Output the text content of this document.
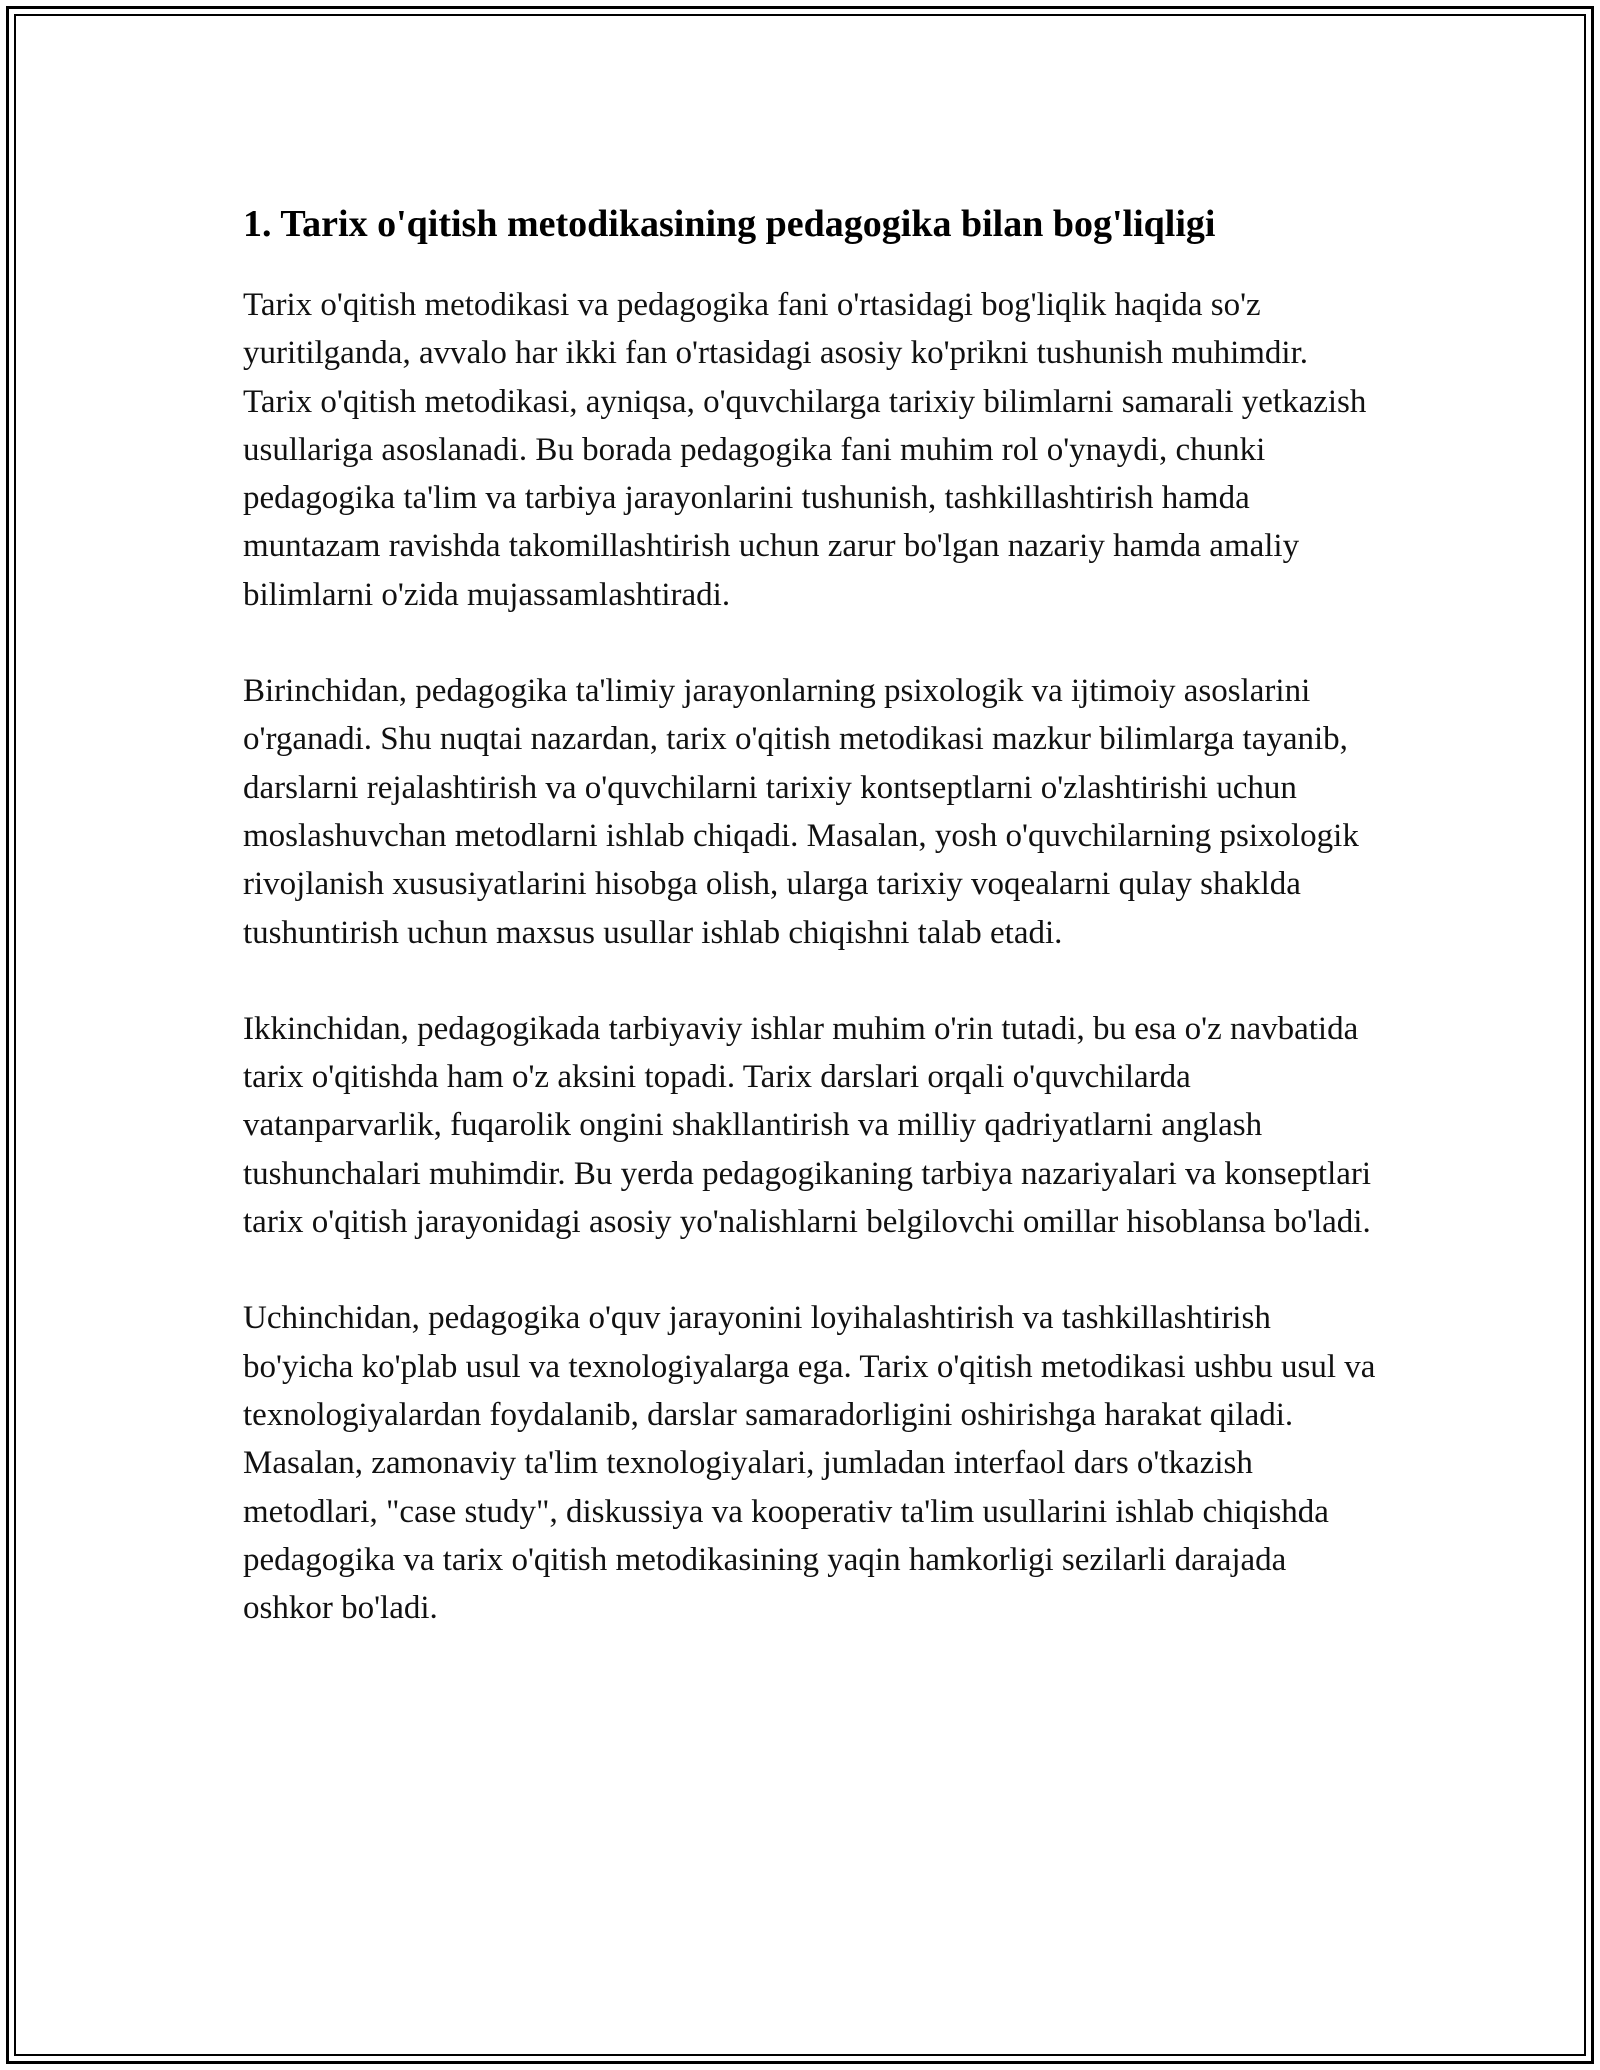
1. Tarix o'qitish metodikasining pedagogika bilan bog'liqligi

Tarix o'qitish metodikasi va pedagogika fani o'rtasidagi bog'liqlik haqida so'z yuritilganda, avvalo har ikki fan o'rtasidagi asosiy ko'prikni tushunish muhimdir. Tarix o'qitish metodikasi, ayniqsa, o'quvchilarga tarixiy bilimlarni samarali yetkazish usullariga asoslanadi. Bu borada pedagogika fani muhim rol o'ynaydi, chunki pedagogika ta'lim va tarbiya jarayonlarini tushunish, tashkillashtirish hamda muntazam ravishda takomillashtirish uchun zarur bo'lgan nazariy hamda amaliy bilimlarni o'zida mujassamlashtiradi.

Birinchidan, pedagogika ta'limiy jarayonlarning psixologik va ijtimoiy asoslarini o'rganadi. Shu nuqtai nazardan, tarix o'qitish metodikasi mazkur bilimlarga tayanib, darslarni rejalashtirish va o'quvchilarni tarixiy kontseptlarni o'zlashtirishi uchun moslashuvchan metodlarni ishlab chiqadi. Masalan, yosh o'quvchilarning psixologik rivojlanish xususiyatlarini hisobga olish, ularga tarixiy voqealarni qulay shaklda tushuntirish uchun maxsus usullar ishlab chiqishni talab etadi.

Ikkinchidan, pedagogikada tarbiyaviy ishlar muhim o'rin tutadi, bu esa o'z navbatida tarix o'qitishda ham o'z aksini topadi. Tarix darslari orqali o'quvchilarda vatanparvarlik, fuqarolik ongini shakllantirish va milliy qadriyatlarni anglash tushunchalari muhimdir. Bu yerda pedagogikaning tarbiya nazariyalari va konseptlari tarix o'qitish jarayonidagi asosiy yo'nalishlarni belgilovchi omillar hisoblansa bo'ladi.

Uchinchidan, pedagogika o'quv jarayonini loyihalashtirish va tashkillashtirish bo'yicha ko'plab usul va texnologiyalarga ega. Tarix o'qitish metodikasi ushbu usul va texnologiyalardan foydalanib, darslar samaradorligini oshirishga harakat qiladi. Masalan, zamonaviy ta'lim texnologiyalari, jumladan interfaol dars o'tkazish metodlari, "case study", diskussiya va kooperativ ta'lim usullarini ishlab chiqishda pedagogika va tarix o'qitish metodikasining yaqin hamkorligi sezilarli darajada oshkor bo'ladi.
